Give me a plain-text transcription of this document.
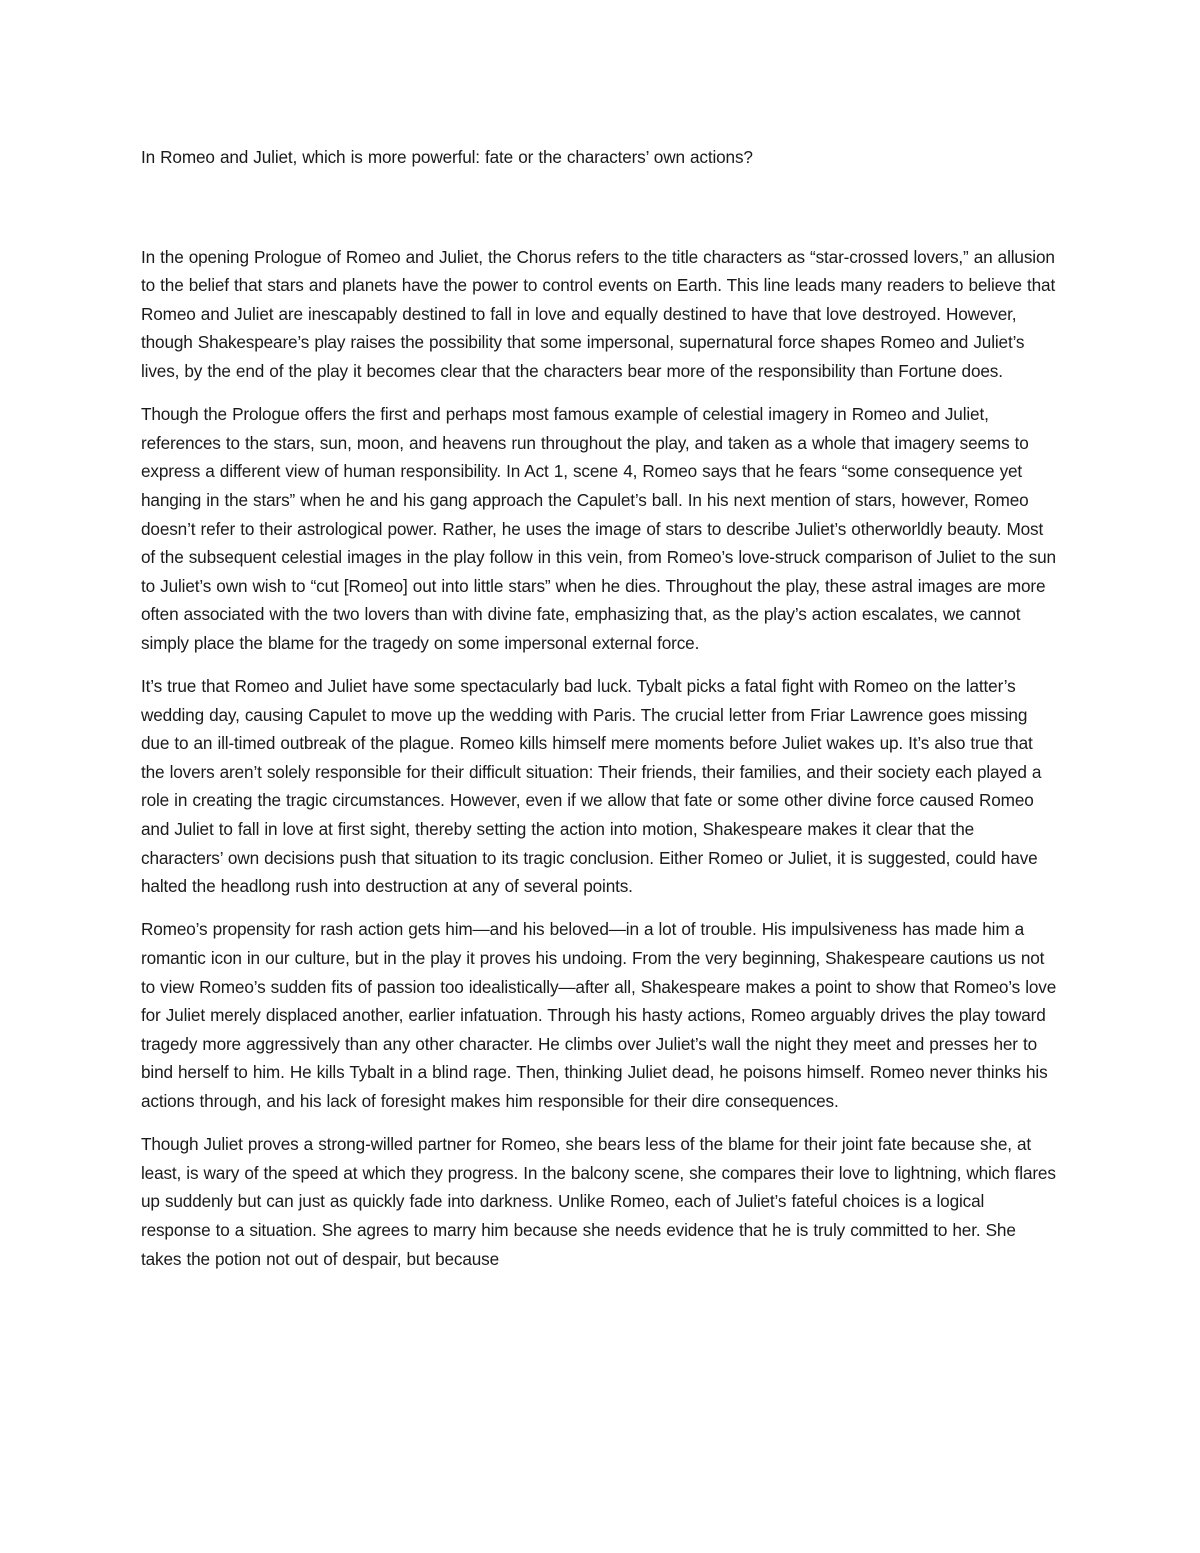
In Romeo and Juliet, which is more powerful: fate or the characters’ own actions?

In the opening Prologue of Romeo and Juliet, the Chorus refers to the title characters as “star-crossed lovers,” an allusion to the belief that stars and planets have the power to control events on Earth. This line leads many readers to believe that Romeo and Juliet are inescapably destined to fall in love and equally destined to have that love destroyed. However, though Shakespeare’s play raises the possibility that some impersonal, supernatural force shapes Romeo and Juliet’s lives, by the end of the play it becomes clear that the characters bear more of the responsibility than Fortune does.

Though the Prologue offers the first and perhaps most famous example of celestial imagery in Romeo and Juliet, references to the stars, sun, moon, and heavens run throughout the play, and taken as a whole that imagery seems to express a different view of human responsibility. In Act 1, scene 4, Romeo says that he fears “some consequence yet hanging in the stars” when he and his gang approach the Capulet’s ball. In his next mention of stars, however, Romeo doesn’t refer to their astrological power. Rather, he uses the image of stars to describe Juliet’s otherworldly beauty. Most of the subsequent celestial images in the play follow in this vein, from Romeo’s love-struck comparison of Juliet to the sun to Juliet’s own wish to “cut [Romeo] out into little stars” when he dies. Throughout the play, these astral images are more often associated with the two lovers than with divine fate, emphasizing that, as the play’s action escalates, we cannot simply place the blame for the tragedy on some impersonal external force.

It’s true that Romeo and Juliet have some spectacularly bad luck. Tybalt picks a fatal fight with Romeo on the latter’s wedding day, causing Capulet to move up the wedding with Paris. The crucial letter from Friar Lawrence goes missing due to an ill-timed outbreak of the plague. Romeo kills himself mere moments before Juliet wakes up. It’s also true that the lovers aren’t solely responsible for their difficult situation: Their friends, their families, and their society each played a role in creating the tragic circumstances. However, even if we allow that fate or some other divine force caused Romeo and Juliet to fall in love at first sight, thereby setting the action into motion, Shakespeare makes it clear that the characters’ own decisions push that situation to its tragic conclusion. Either Romeo or Juliet, it is suggested, could have halted the headlong rush into destruction at any of several points.

Romeo’s propensity for rash action gets him—and his beloved—in a lot of trouble. His impulsiveness has made him a romantic icon in our culture, but in the play it proves his undoing. From the very beginning, Shakespeare cautions us not to view Romeo’s sudden fits of passion too idealistically—after all, Shakespeare makes a point to show that Romeo’s love for Juliet merely displaced another, earlier infatuation. Through his hasty actions, Romeo arguably drives the play toward tragedy more aggressively than any other character. He climbs over Juliet’s wall the night they meet and presses her to bind herself to him. He kills Tybalt in a blind rage. Then, thinking Juliet dead, he poisons himself. Romeo never thinks his actions through, and his lack of foresight makes him responsible for their dire consequences.

Though Juliet proves a strong-willed partner for Romeo, she bears less of the blame for their joint fate because she, at least, is wary of the speed at which they progress. In the balcony scene, she compares their love to lightning, which flares up suddenly but can just as quickly fade into darkness. Unlike Romeo, each of Juliet’s fateful choices is a logical response to a situation. She agrees to marry him because she needs evidence that he is truly committed to her. She takes the potion not out of despair, but because
